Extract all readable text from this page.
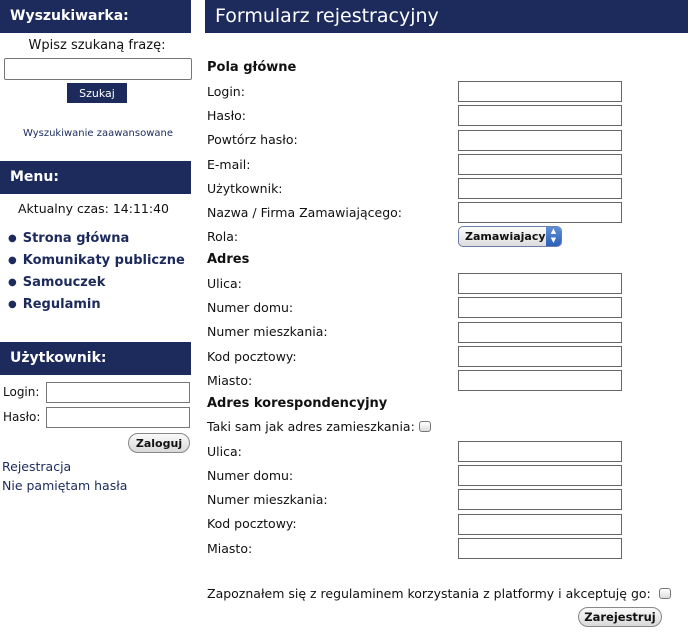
Wyszukiwarka:
Wpisz szukaną frazę:
Szukaj
Wyszukiwanie zaawansowane
Menu:
Aktualny czas: 14:11:40
● Strona główna
● Komunikaty publiczne
● Samouczek
● Regulamin
Użytkownik:
Login:
Hasło:
Zaloguj
Rejestracja
Nie pamiętam hasła
Formularz rejestracyjny
Pola główne
Login:
Hasło:
Powtórz hasło:
E-mail:
Użytkownik:
Nazwa / Firma Zamawiającego:
Rola:	Zamawiajacy ▲
▼
Adres
Ulica:
Numer domu:
Numer mieszkania:
Kod pocztowy:
Miasto:
Adres korespondencyjny
Taki sam jak adres zamieszkania:
Ulica:
Numer domu:
Numer mieszkania:
Kod pocztowy:
Miasto:
Zapoznałem się z regulaminem korzystania z platformy i akceptuję go:
Zarejestruj
